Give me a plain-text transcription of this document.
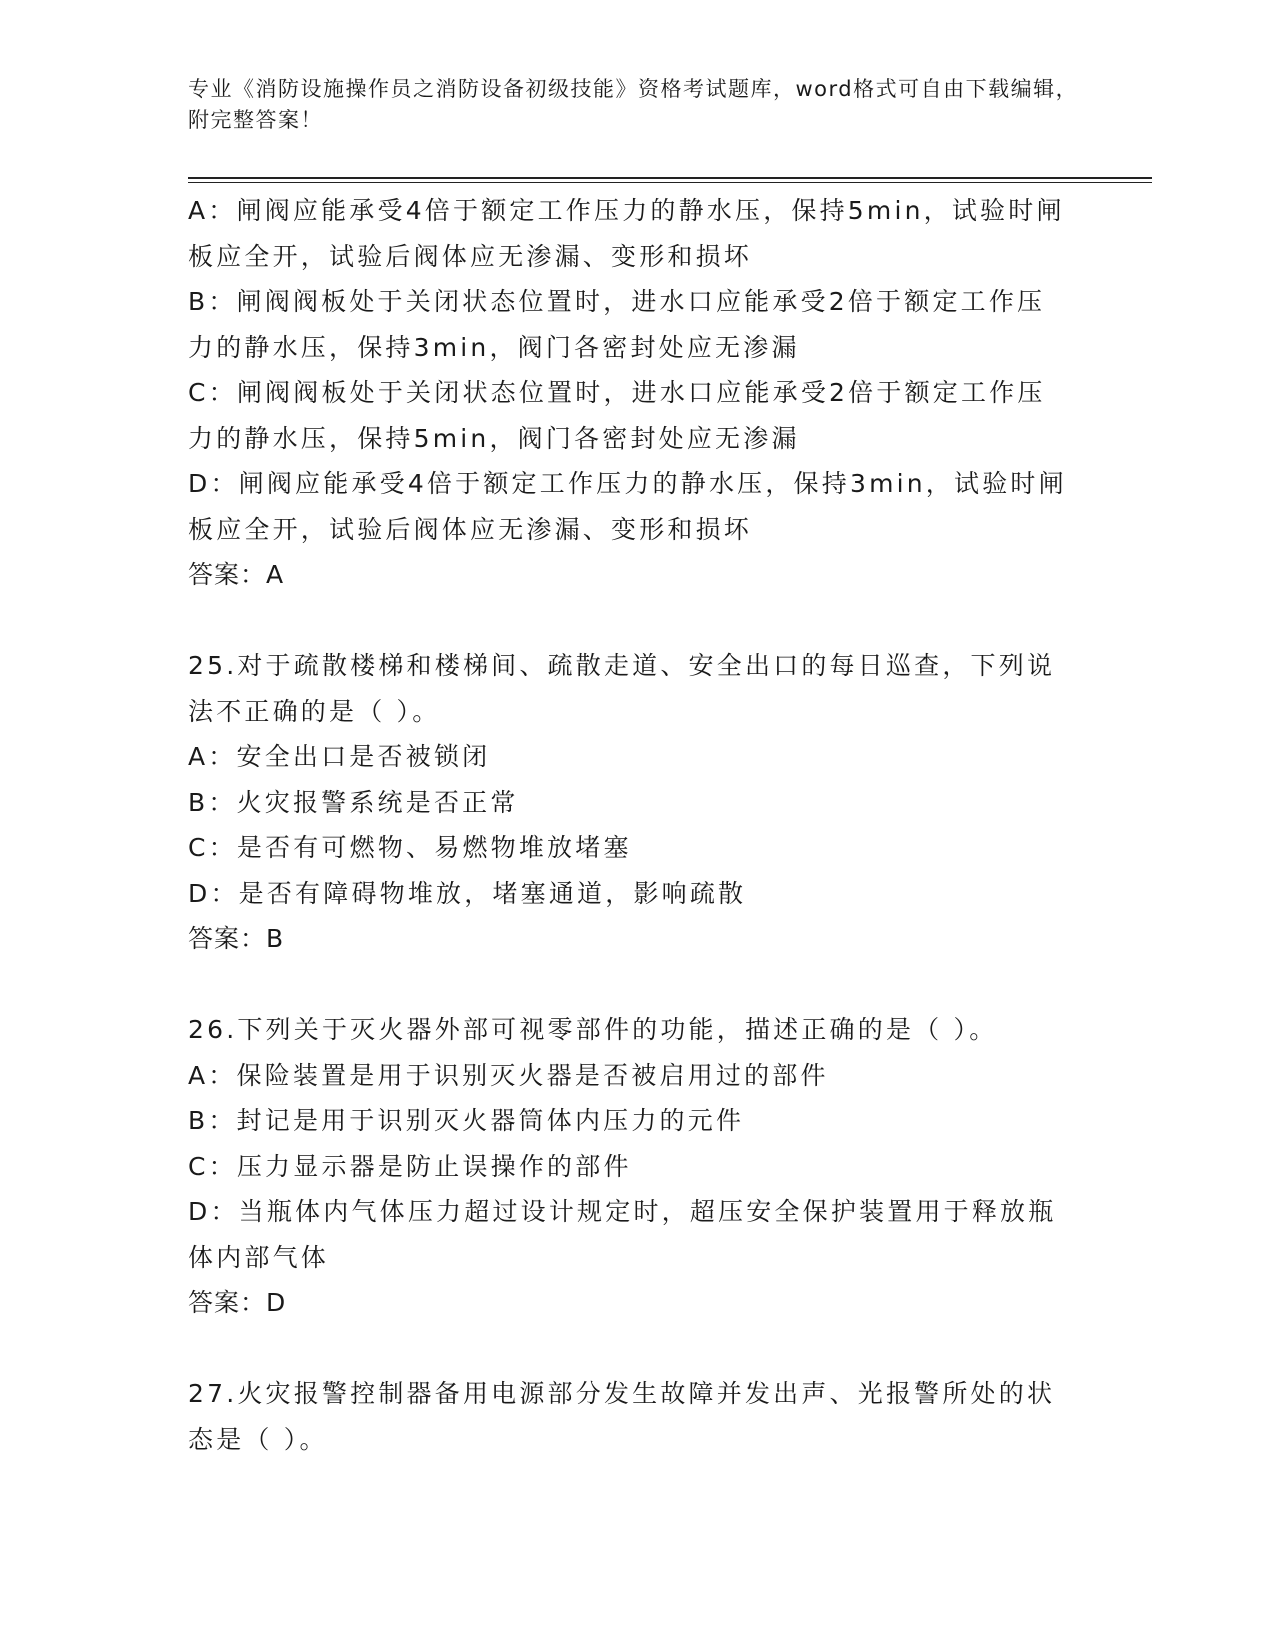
专业《消防设施操作员之消防设备初级技能》资格考试题库，word格式可自由下载编辑，附完整答案！
A：闸阀应能承受4倍于额定工作压力的静水压，保持5min，试验时闸
板应全开，试验后阀体应无渗漏、变形和损坏
B：闸阀阀板处于关闭状态位置时，进水口应能承受2倍于额定工作压
力的静水压，保持3min，阀门各密封处应无渗漏
C：闸阀阀板处于关闭状态位置时，进水口应能承受2倍于额定工作压
力的静水压，保持5min，阀门各密封处应无渗漏
D：闸阀应能承受4倍于额定工作压力的静水压，保持3min，试验时闸
板应全开，试验后阀体应无渗漏、变形和损坏
答案：A
25.对于疏散楼梯和楼梯间、疏散走道、安全出口的每日巡查，下列说
法不正确的是（ ）。
A：安全出口是否被锁闭
B：火灾报警系统是否正常
C：是否有可燃物、易燃物堆放堵塞
D：是否有障碍物堆放，堵塞通道，影响疏散
答案：B
26.下列关于灭火器外部可视零部件的功能，描述正确的是（ ）。
A：保险装置是用于识别灭火器是否被启用过的部件
B：封记是用于识别灭火器筒体内压力的元件
C：压力显示器是防止误操作的部件
D：当瓶体内气体压力超过设计规定时，超压安全保护装置用于释放瓶
体内部气体
答案：D
27.火灾报警控制器备用电源部分发生故障并发出声、光报警所处的状
态是（ ）。
